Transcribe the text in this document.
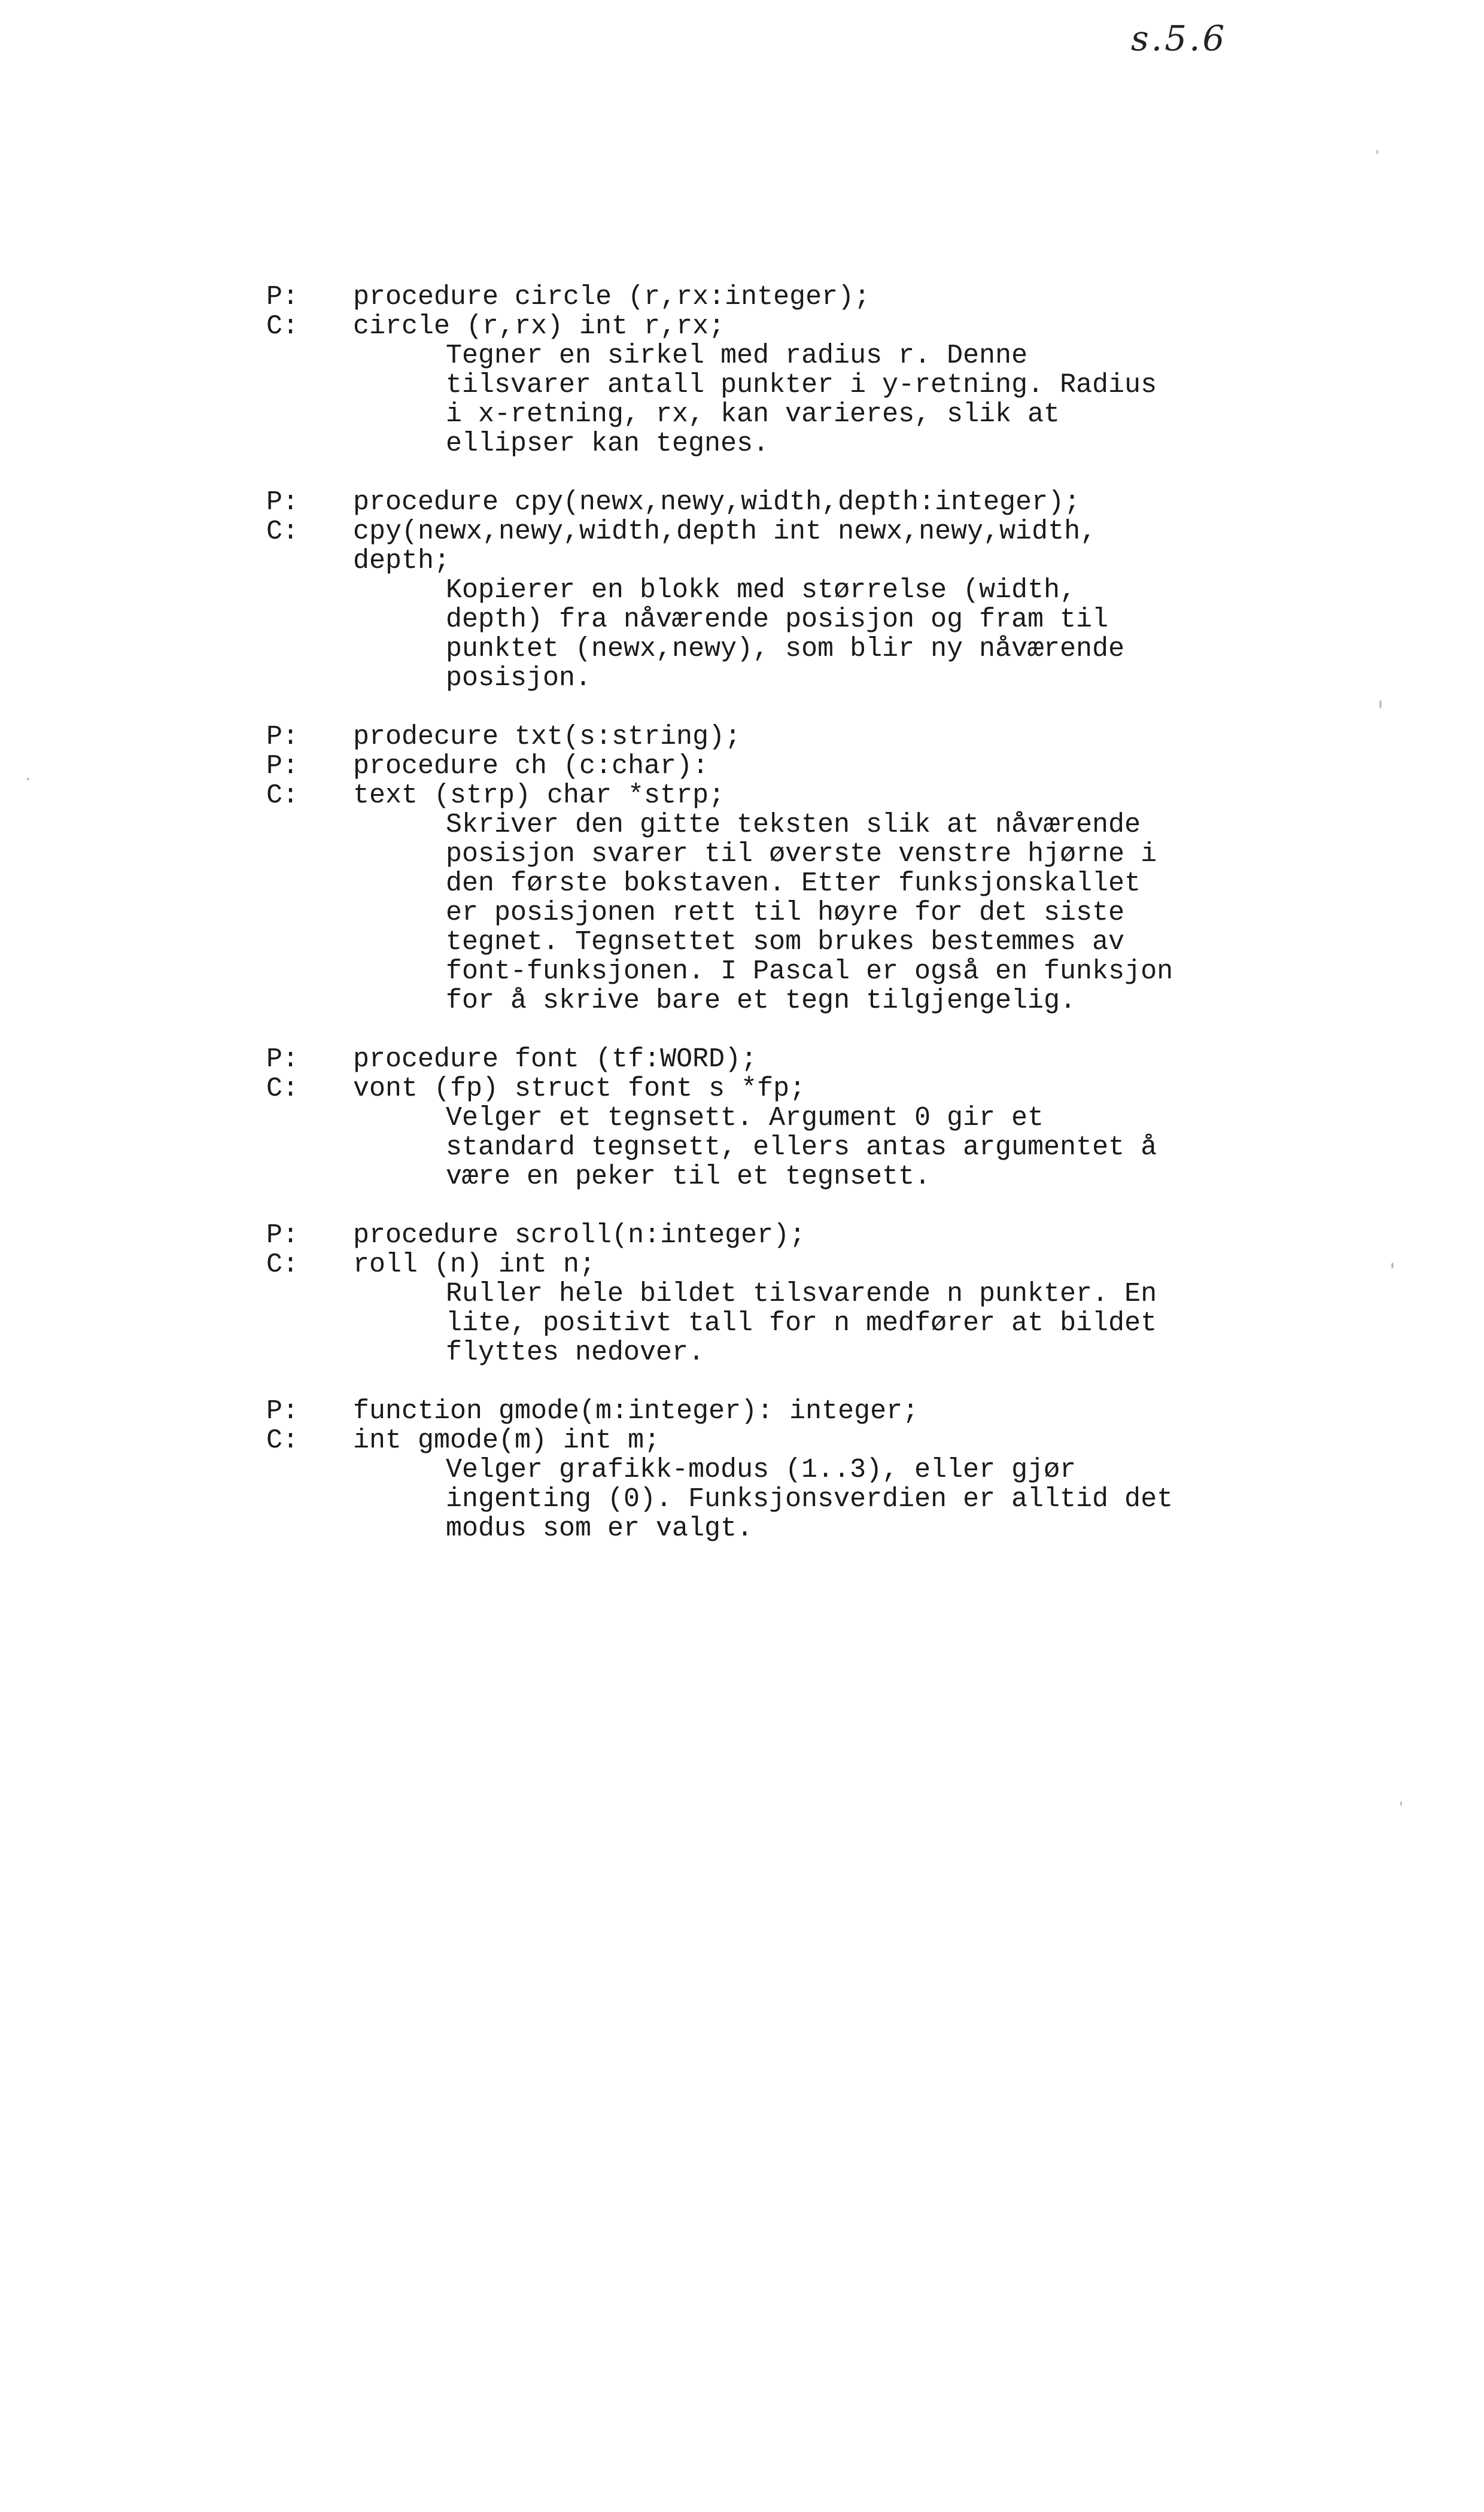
s.5.6
P: procedure circle (r,rx:integer);
C: circle (r,rx) int r,rx;
Tegner en sirkel med radius r. Denne
tilsvarer antall punkter i y-retning. Radius
i x-retning, rx, kan varieres, slik at
ellipser kan tegnes.
P: procedure cpy(newx,newy,width,depth:integer);
C: cpy(newx,newy,width,depth int newx,newy,width,
depth;
Kopierer en blokk med størrelse (width,
depth) fra nåværende posisjon og fram til
punktet (newx,newy), som blir ny nåværende
posisjon.
P: prodecure txt(s:string);
P: procedure ch (c:char):
C: text (strp) char *strp;
Skriver den gitte teksten slik at nåværende
posisjon svarer til øverste venstre hjørne i
den første bokstaven. Etter funksjonskallet
er posisjonen rett til høyre for det siste
tegnet. Tegnsettet som brukes bestemmes av
font-funksjonen. I Pascal er også en funksjon
for å skrive bare et tegn tilgjengelig.
P: procedure font (tf:WORD);
C: vont (fp) struct font s *fp;
Velger et tegnsett. Argument 0 gir et
standard tegnsett, ellers antas argumentet å
være en peker til et tegnsett.
P: procedure scroll(n:integer);
C: roll (n) int n;
Ruller hele bildet tilsvarende n punkter. En
lite, positivt tall for n medfører at bildet
flyttes nedover.
P: function gmode(m:integer): integer;
C: int gmode(m) int m;
Velger grafikk-modus (1..3), eller gjør
ingenting (0). Funksjonsverdien er alltid det
modus som er valgt.
